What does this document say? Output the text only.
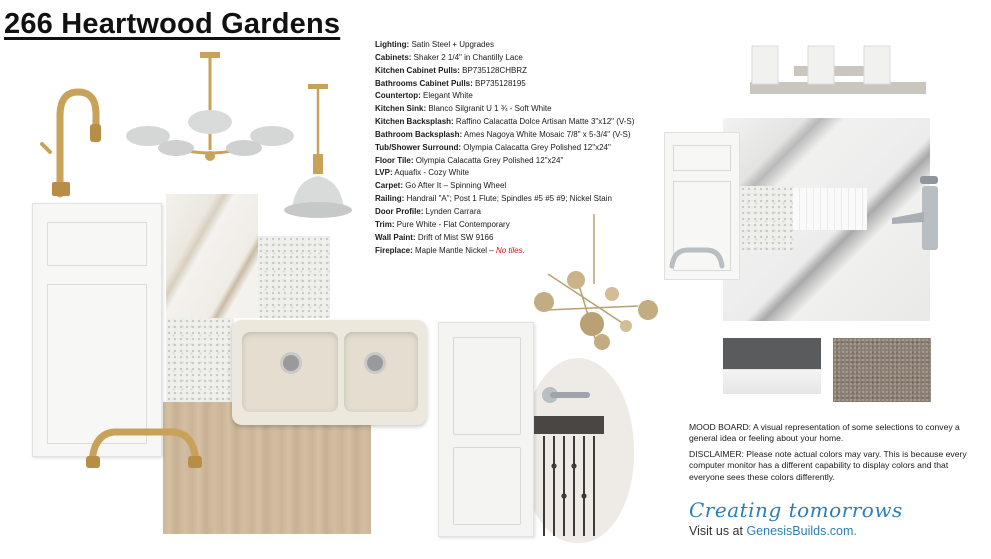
266 Heartwood Gardens
Lighting: Satin Steel + Upgrades
Cabinets: Shaker 2 1/4" in Chantilly Lace
Kitchen Cabinet Pulls: BP735128CHBRZ
Bathrooms Cabinet Pulls: BP735128195
Countertop: Elegant White
Kitchen Sink: Blanco Silgranit U 1 ¾ - Soft White
Kitchen Backsplash: Raffino Calacatta Dolce Artisan Matte 3"x12" (V-S)
Bathroom Backsplash: Ames Nagoya White Mosaic 7/8" x 5-3/4" (V-S)
Tub/Shower Surround: Olympia Calacatta Grey Polished 12"x24"
Floor Tile: Olympia Calacatta Grey Polished 12"x24"
LVP: Aquafix - Cozy White
Carpet: Go After It – Spinning Wheel
Railing: Handrail "A"; Post 1 Flute; Spindles #5 #5 #9; Nickel Stain
Door Profile: Lynden Carrara
Trim: Pure White - Flat Contemporary
Wall Paint: Drift of Mist SW 9166
Fireplace: Maple Mantle Nickel – No tiles.

MOOD BOARD: A visual representation of some selections to convey a general idea or feeling about your home.

DISCLAIMER: Please note actual colors may vary. This is because every computer monitor has a different capability to display colors and that everyone sees these colors differently.

Creating tomorrows
Visit us at GenesisBuilds.com.
